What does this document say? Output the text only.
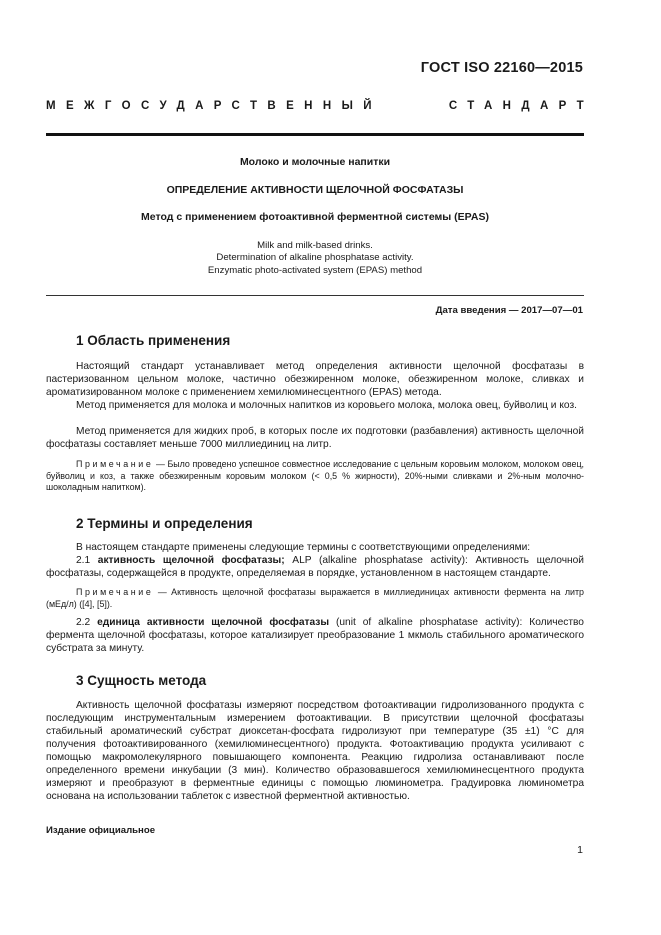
ГОСТ ISO 22160—2015
МЕЖГОСУДАРСТВЕННЫЙ	СТАНДАРТ
Молоко и молочные напитки
ОПРЕДЕЛЕНИЕ АКТИВНОСТИ ЩЕЛОЧНОЙ ФОСФАТАЗЫ
Метод с применением фотоактивной ферментной системы (EPAS)
Milk and milk-based drinks.
Determination of alkaline phosphatase activity.
Enzymatic photo-activated system (EPAS) method
Дата введения — 2017—07—01
1 Область применения

Настоящий стандарт устанавливает метод определения активности щелочной фосфатазы в пастеризованном цельном молоке, частично обезжиренном молоке, обезжиренном молоке, сливках и ароматизированном молоке с применением хемилюминесцентного (EPAS) метода.

Метод применяется для молока и молочных напитков из коровьего молока, молока овец, буйволиц и коз.

Метод применяется для жидких проб, в которых после их подготовки (разбавления) активность щелочной фосфатазы составляет меньше 7000 миллиединиц на литр.

Примечание — Было проведено успешное совместное исследование с цельным коровьим молоком, молоком овец, буйволиц и коз, а также обезжиренным коровьим молоком (< 0,5 % жирности), 20%-ными сливками и 2%-ным молочно-шоколадным напитком).

2 Термины и определения

В настоящем стандарте применены следующие термины с соответствующими определениями:

2.1 активность щелочной фосфатазы; ALP (alkaline phosphatase activity): Активность щелочной фосфатазы, содержащейся в продукте, определяемая в порядке, установленном в настоящем стандарте.

Примечание — Активность щелочной фосфатазы выражается в миллиединицах активности фермента на литр (мЕд/л) ([4], [5]).

2.2 единица активности щелочной фосфатазы (unit of alkaline phosphatase activity): Количество фермента щелочной фосфатазы, которое катализирует преобразование 1 мкмоль стабильного ароматического субстрата за минуту.

3 Сущность метода

Активность щелочной фосфатазы измеряют посредством фотоактивации гидролизованного продукта с последующим инструментальным измерением фотоактивации. В присутствии щелочной фосфатазы стабильный ароматический субстрат диоксетан-фосфата гидролизуют при температуре (35 ±1) °С для получения фотоактивированного (хемилюминесцентного) продукта. Фотоактивацию продукта усиливают с помощью макромолекулярного повышающего компонента. Реакцию гидролиза останавливают после определенного времени инкубации (3 мин). Количество образовавшегося хемилюминесцентного продукта измеряют и преобразуют в ферментные единицы с помощью люминометра. Градуировка люминометра основана на использовании таблеток с известной ферментной активностью.

Издание официальное
1
